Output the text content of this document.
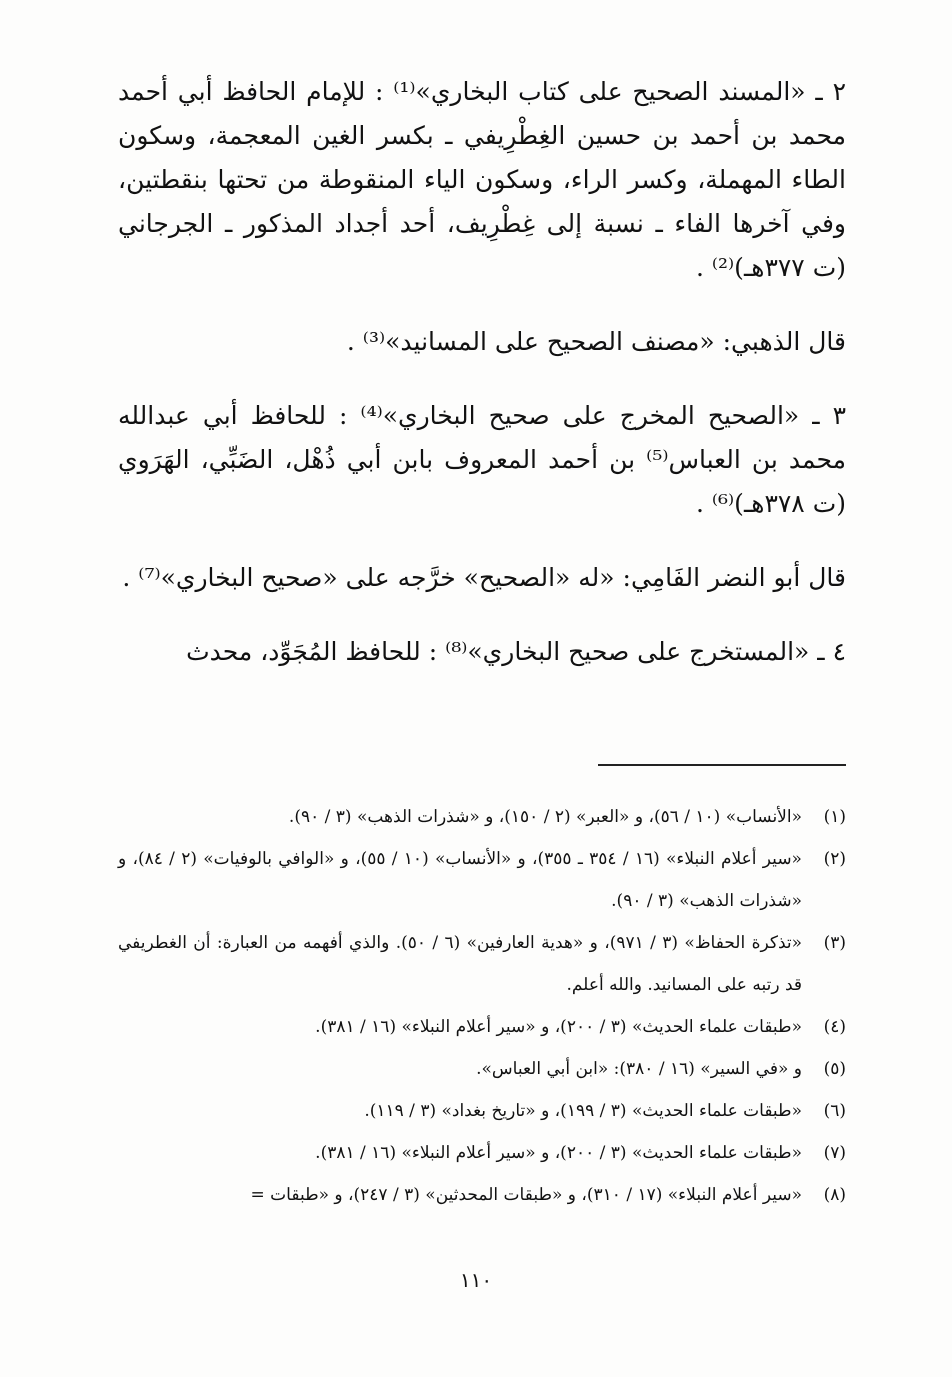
٢ ـ «المسند الصحيح على كتاب البخاري»⁽¹⁾ : للإمام الحافظ أبي أحمد محمد بن أحمد بن حسين الغِطْرِيفي ـ بكسر الغين المعجمة، وسكون الطاء المهملة، وكسر الراء، وسكون الياء المنقوطة من تحتها بنقطتين، وفي آخرها الفاء ـ نسبة إلى غِطْرِيف، أحد أجداد المذكور ـ الجرجاني (ت ٣٧٧هـ)⁽²⁾ .

قال الذهبي: «مصنف الصحيح على المسانيد»⁽³⁾ .

٣ ـ «الصحيح المخرج على صحيح البخاري»⁽⁴⁾ : للحافظ أبي عبدالله محمد بن العباس⁽⁵⁾ بن أحمد المعروف بابن أبي ذُهْل، الضَبِّي، الهَرَوي (ت ٣٧٨هـ)⁽⁶⁾ .

قال أبو النضر الفَامِي: «له «الصحيح» خرَّجه على «صحيح البخاري»⁽⁷⁾ .

٤ ـ «المستخرج على صحيح البخاري»⁽⁸⁾ : للحافظ المُجَوِّد، محدث

(١)
«الأنساب» (١٠ / ٥٦)، و «العبر» (٢ / ١٥٠)، و «شذرات الذهب» (٣ / ٩٠).
(٢)
«سير أعلام النبلاء» (١٦ / ٣٥٤ ـ ٣٥٥)، و «الأنساب» (١٠ / ٥٥)، و «الوافي بالوفيات» (٢ / ٨٤)، و «شذرات الذهب» (٣ / ٩٠).
(٣)
«تذكرة الحفاظ» (٣ / ٩٧١)، و «هدية العارفين» (٦ / ٥٠). والذي أفهمه من العبارة: أن الغطريفي قد رتبه على المسانيد. والله أعلم.
(٤)
«طبقات علماء الحديث» (٣ / ٢٠٠)، و «سير أعلام النبلاء» (١٦ / ٣٨١).
(٥)
و «في السير» (١٦ / ٣٨٠): «ابن أبي العباس».
(٦)
«طبقات علماء الحديث» (٣ / ١٩٩)، و «تاريخ بغداد» (٣ / ١١٩).
(٧)
«طبقات علماء الحديث» (٣ / ٢٠٠)، و «سير أعلام النبلاء» (١٦ / ٣٨١).
(٨)
«سير أعلام النبلاء» (١٧ / ٣١٠)، و «طبقات المحدثين» (٣ / ٢٤٧)، و «طبقات =
١١٠
